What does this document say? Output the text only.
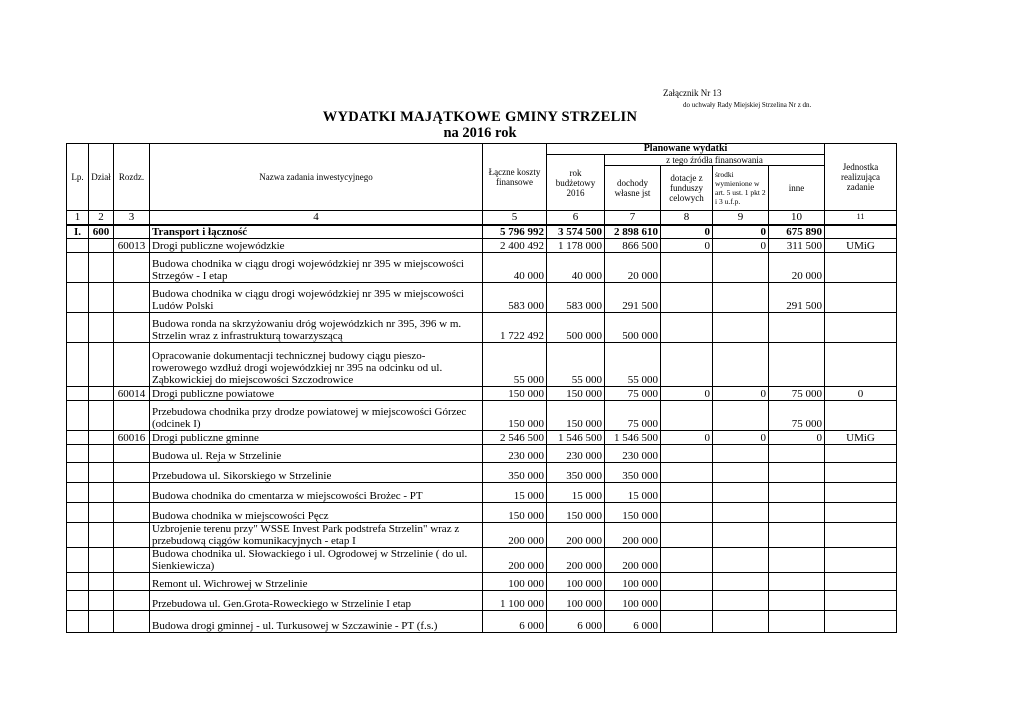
Załącznik Nr 13
do uchwały Rady Miejskiej Strzelina Nr z dn.
WYDATKI MAJĄTKOWE GMINY STRZELIN
na 2016 rok
Lp.	Dział	Rozdz.	Nazwa zadania inwestycyjnego	Łączne koszty finansowe	Planowane wydatki					Jednostka realizująca zadanie
					rok budżetowy 2016	z tego źródła finansowania				
						dochody własne jst	dotacje z funduszy celowych	środki wymienione w art. 5 ust. 1 pkt 2 i 3 u.f.p.	inne	
1	2	3	4	5	6	7	8	9	10	11
I.	600		Transport i łączność	5 796 992	3 574 500	2 898 610	0	0	675 890	
		60013	Drogi publiczne wojewódzkie	2 400 492	1 178 000	866 500	0	0	311 500	UMiG
			Budowa chodnika w ciągu drogi wojewódzkiej nr 395 w miejscowości Strzegów - I etap	40 000	40 000	20 000			20 000	
			Budowa chodnika w ciągu drogi wojewódzkiej nr 395 w miejscowości Ludów Polski	583 000	583 000	291 500			291 500	
			Budowa ronda na skrzyżowaniu dróg wojewódzkich nr 395, 396 w m. Strzelin wraz z infrastrukturą towarzyszącą	1 722 492	500 000	500 000				
			Opracowanie dokumentacji technicznej budowy ciągu pieszo-rowerowego wzdłuż drogi wojewódzkiej nr 395 na odcinku od ul. Ząbkowickiej do miejscowości Szczodrowice	55 000	55 000	55 000				
		60014	Drogi publiczne powiatowe	150 000	150 000	75 000	0	0	75 000	0
			Przebudowa chodnika przy drodze powiatowej w miejscowości Górzec (odcinek I)	150 000	150 000	75 000			75 000	
		60016	Drogi publiczne gminne	2 546 500	1 546 500	1 546 500	0	0	0	UMiG
			Budowa ul. Reja w Strzelinie	230 000	230 000	230 000				
			Przebudowa ul. Sikorskiego w Strzelinie	350 000	350 000	350 000				
			Budowa chodnika do cmentarza w miejscowości Brożec - PT	15 000	15 000	15 000				
			Budowa chodnika w miejscowości Pęcz	150 000	150 000	150 000				
			Uzbrojenie terenu przy" WSSE Invest Park podstrefa Strzelin" wraz z przebudową ciągów komunikacyjnych - etap I	200 000	200 000	200 000				
			Budowa chodnika ul. Słowackiego i ul. Ogrodowej w Strzelinie ( do ul. Sienkiewicza)	200 000	200 000	200 000				
			Remont ul. Wichrowej w Strzelinie	100 000	100 000	100 000				
			Przebudowa ul. Gen.Grota-Roweckiego w Strzelinie I etap	1 100 000	100 000	100 000				
			Budowa drogi gminnej - ul. Turkusowej w Szczawinie - PT (f.s.)	6 000	6 000	6 000				
